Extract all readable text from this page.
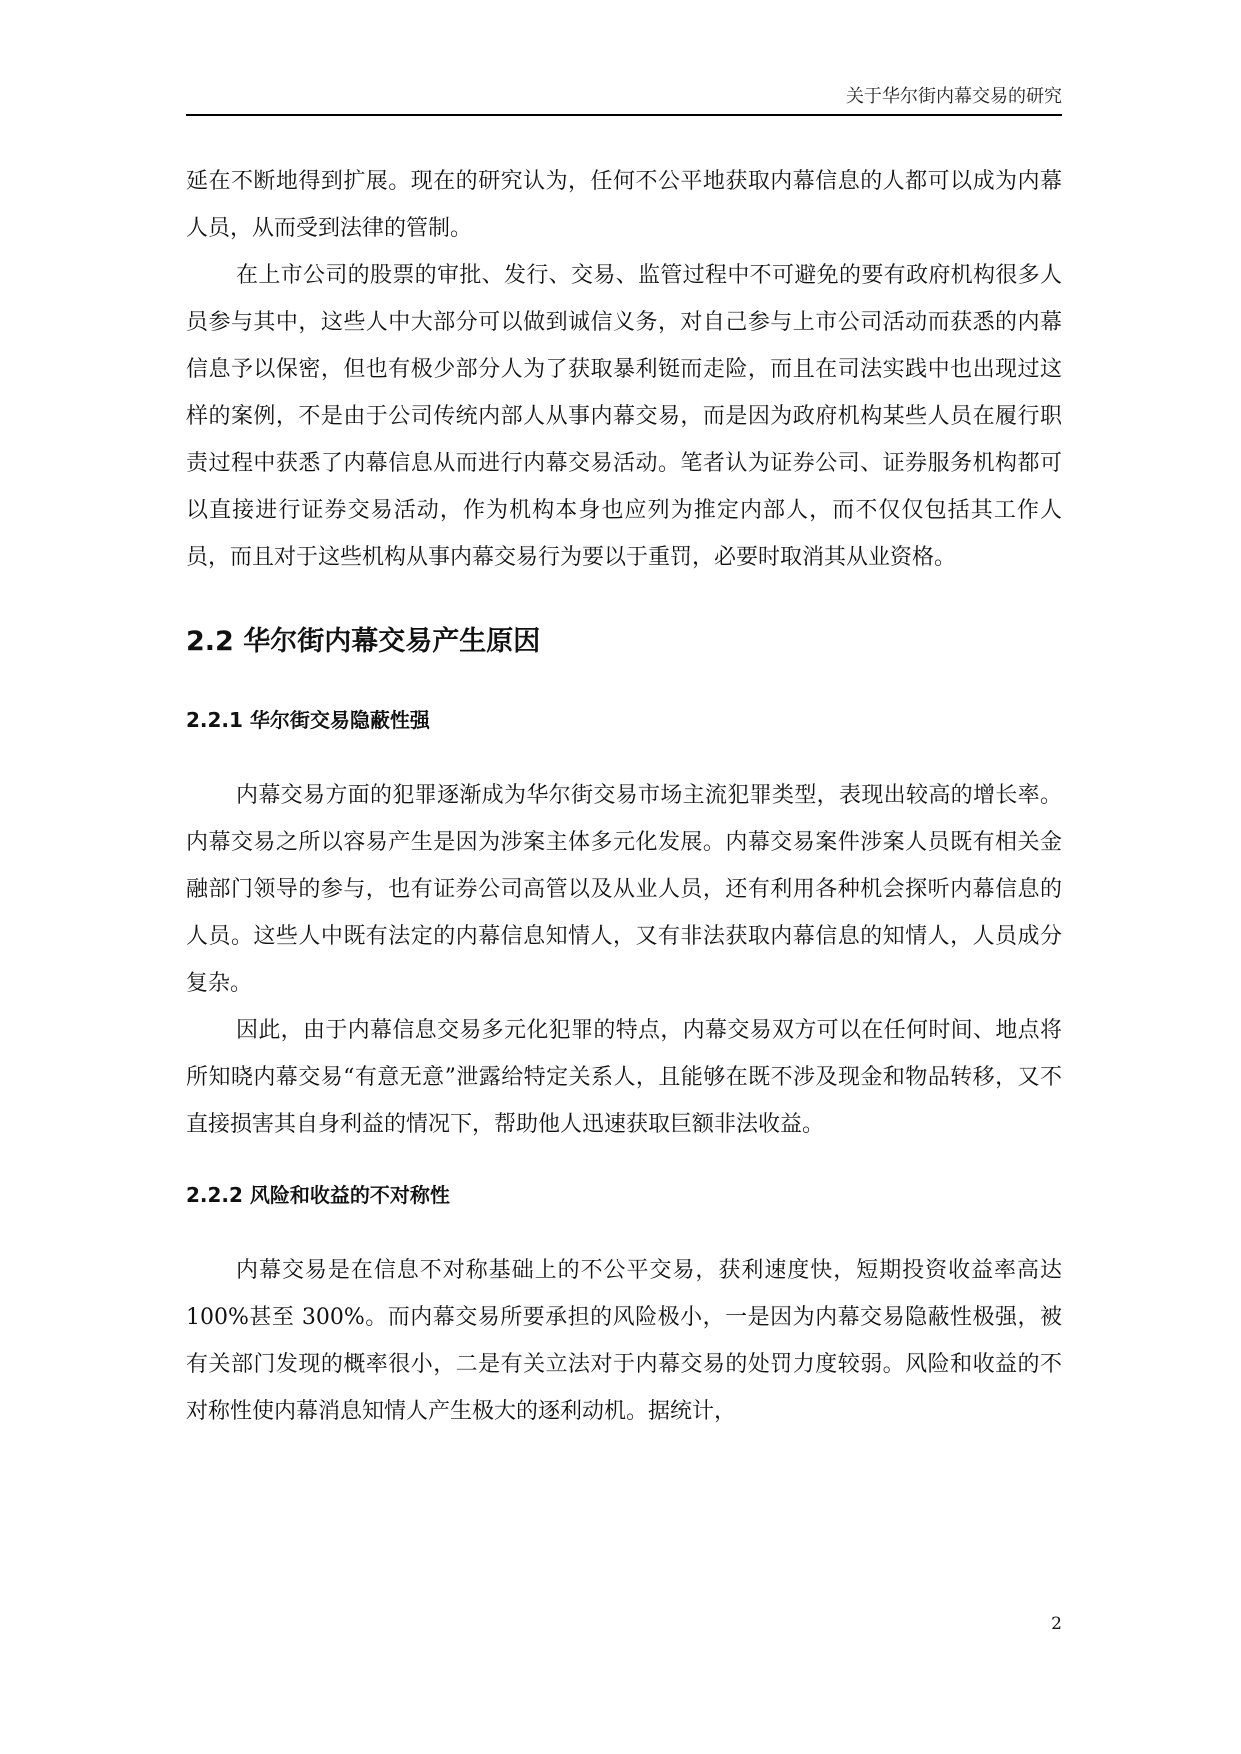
关于华尔街内幕交易的研究

延在不断地得到扩展。现在的研究认为，任何不公平地获取内幕信息的人都可以成为内幕人员，从而受到法律的管制。

在上市公司的股票的审批、发行、交易、监管过程中不可避免的要有政府机构很多人员参与其中，这些人中大部分可以做到诚信义务，对自己参与上市公司活动而获悉的内幕信息予以保密，但也有极少部分人为了获取暴利铤而走险，而且在司法实践中也出现过这样的案例，不是由于公司传统内部人从事内幕交易，而是因为政府机构某些人员在履行职责过程中获悉了内幕信息从而进行内幕交易活动。笔者认为证券公司、证券服务机构都可以直接进行证券交易活动，作为机构本身也应列为推定内部人，而不仅仅包括其工作人员，而且对于这些机构从事内幕交易行为要以于重罚，必要时取消其从业资格。

2.2 华尔街内幕交易产生原因
2.2.1 华尔街交易隐蔽性强

内幕交易方面的犯罪逐渐成为华尔街交易市场主流犯罪类型，表现出较高的增长率。内幕交易之所以容易产生是因为涉案主体多元化发展。内幕交易案件涉案人员既有相关金融部门领导的参与，也有证券公司高管以及从业人员，还有利用各种机会探听内幕信息的人员。这些人中既有法定的内幕信息知情人，又有非法获取内幕信息的知情人，人员成分复杂。

因此，由于内幕信息交易多元化犯罪的特点，内幕交易双方可以在任何时间、地点将所知晓内幕交易“有意无意”泄露给特定关系人，且能够在既不涉及现金和物品转移，又不直接损害其自身利益的情况下，帮助他人迅速获取巨额非法收益。

2.2.2 风险和收益的不对称性

内幕交易是在信息不对称基础上的不公平交易，获利速度快，短期投资收益率高达 100%甚至 300%。而内幕交易所要承担的风险极小，一是因为内幕交易隐蔽性极强，被有关部门发现的概率很小，二是有关立法对于内幕交易的处罚力度较弱。风险和收益的不对称性使内幕消息知情人产生极大的逐利动机。据统计，

2
